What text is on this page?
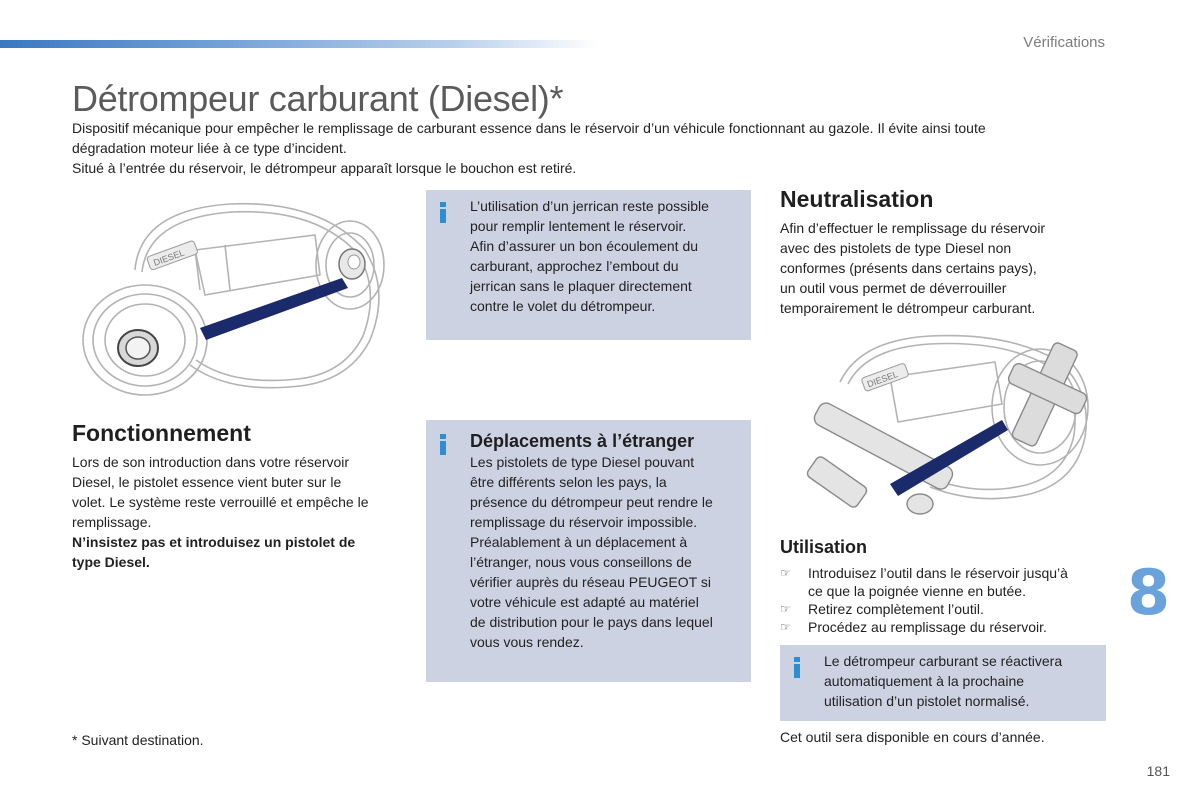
Vérifications
Détrompeur carburant (Diesel)*

Dispositif mécanique pour empêcher le remplissage de carburant essence dans le réservoir d’un véhicule fonctionnant au gazole. Il évite ainsi toute

dégradation moteur liée à ce type d’incident.

Situé à l’entrée du réservoir, le détrompeur apparaît lorsque le bouchon est retiré.

DIESEL

L’utilisation d’un jerrican reste possible

pour remplir lentement le réservoir.

Afin d’assurer un bon écoulement du

carburant, approchez l’embout du

jerrican sans le plaquer directement

contre le volet du détrompeur.

Neutralisation

Afin d’effectuer le remplissage du réservoir

avec des pistolets de type Diesel non

conformes (présents dans certains pays),

un outil vous permet de déverrouiller

temporairement le détrompeur carburant.

DIESEL
Fonctionnement

Lors de son introduction dans votre réservoir

Diesel, le pistolet essence vient buter sur le

volet. Le système reste verrouillé et empêche le

remplissage.

N’insistez pas et introduisez un pistolet de

type Diesel.

Déplacements à l’étranger

Les pistolets de type Diesel pouvant

être différents selon les pays, la

présence du détrompeur peut rendre le

remplissage du réservoir impossible.

Préalablement à un déplacement à

l’étranger, nous vous conseillons de

vérifier auprès du réseau PEUGEOT si

votre véhicule est adapté au matériel

de distribution pour le pays dans lequel

vous vous rendez.

Utilisation
☞ Introduisez l’outil dans le réservoir jusqu’à
ce que la poignée vienne en butée.
☞ Retirez complètement l’outil.
☞ Procédez au remplissage du réservoir.

Le détrompeur carburant se réactivera

automatiquement à la prochaine

utilisation d’un pistolet normalisé.

Cet outil sera disponible en cours d’année.
* Suivant destination.
8
181
